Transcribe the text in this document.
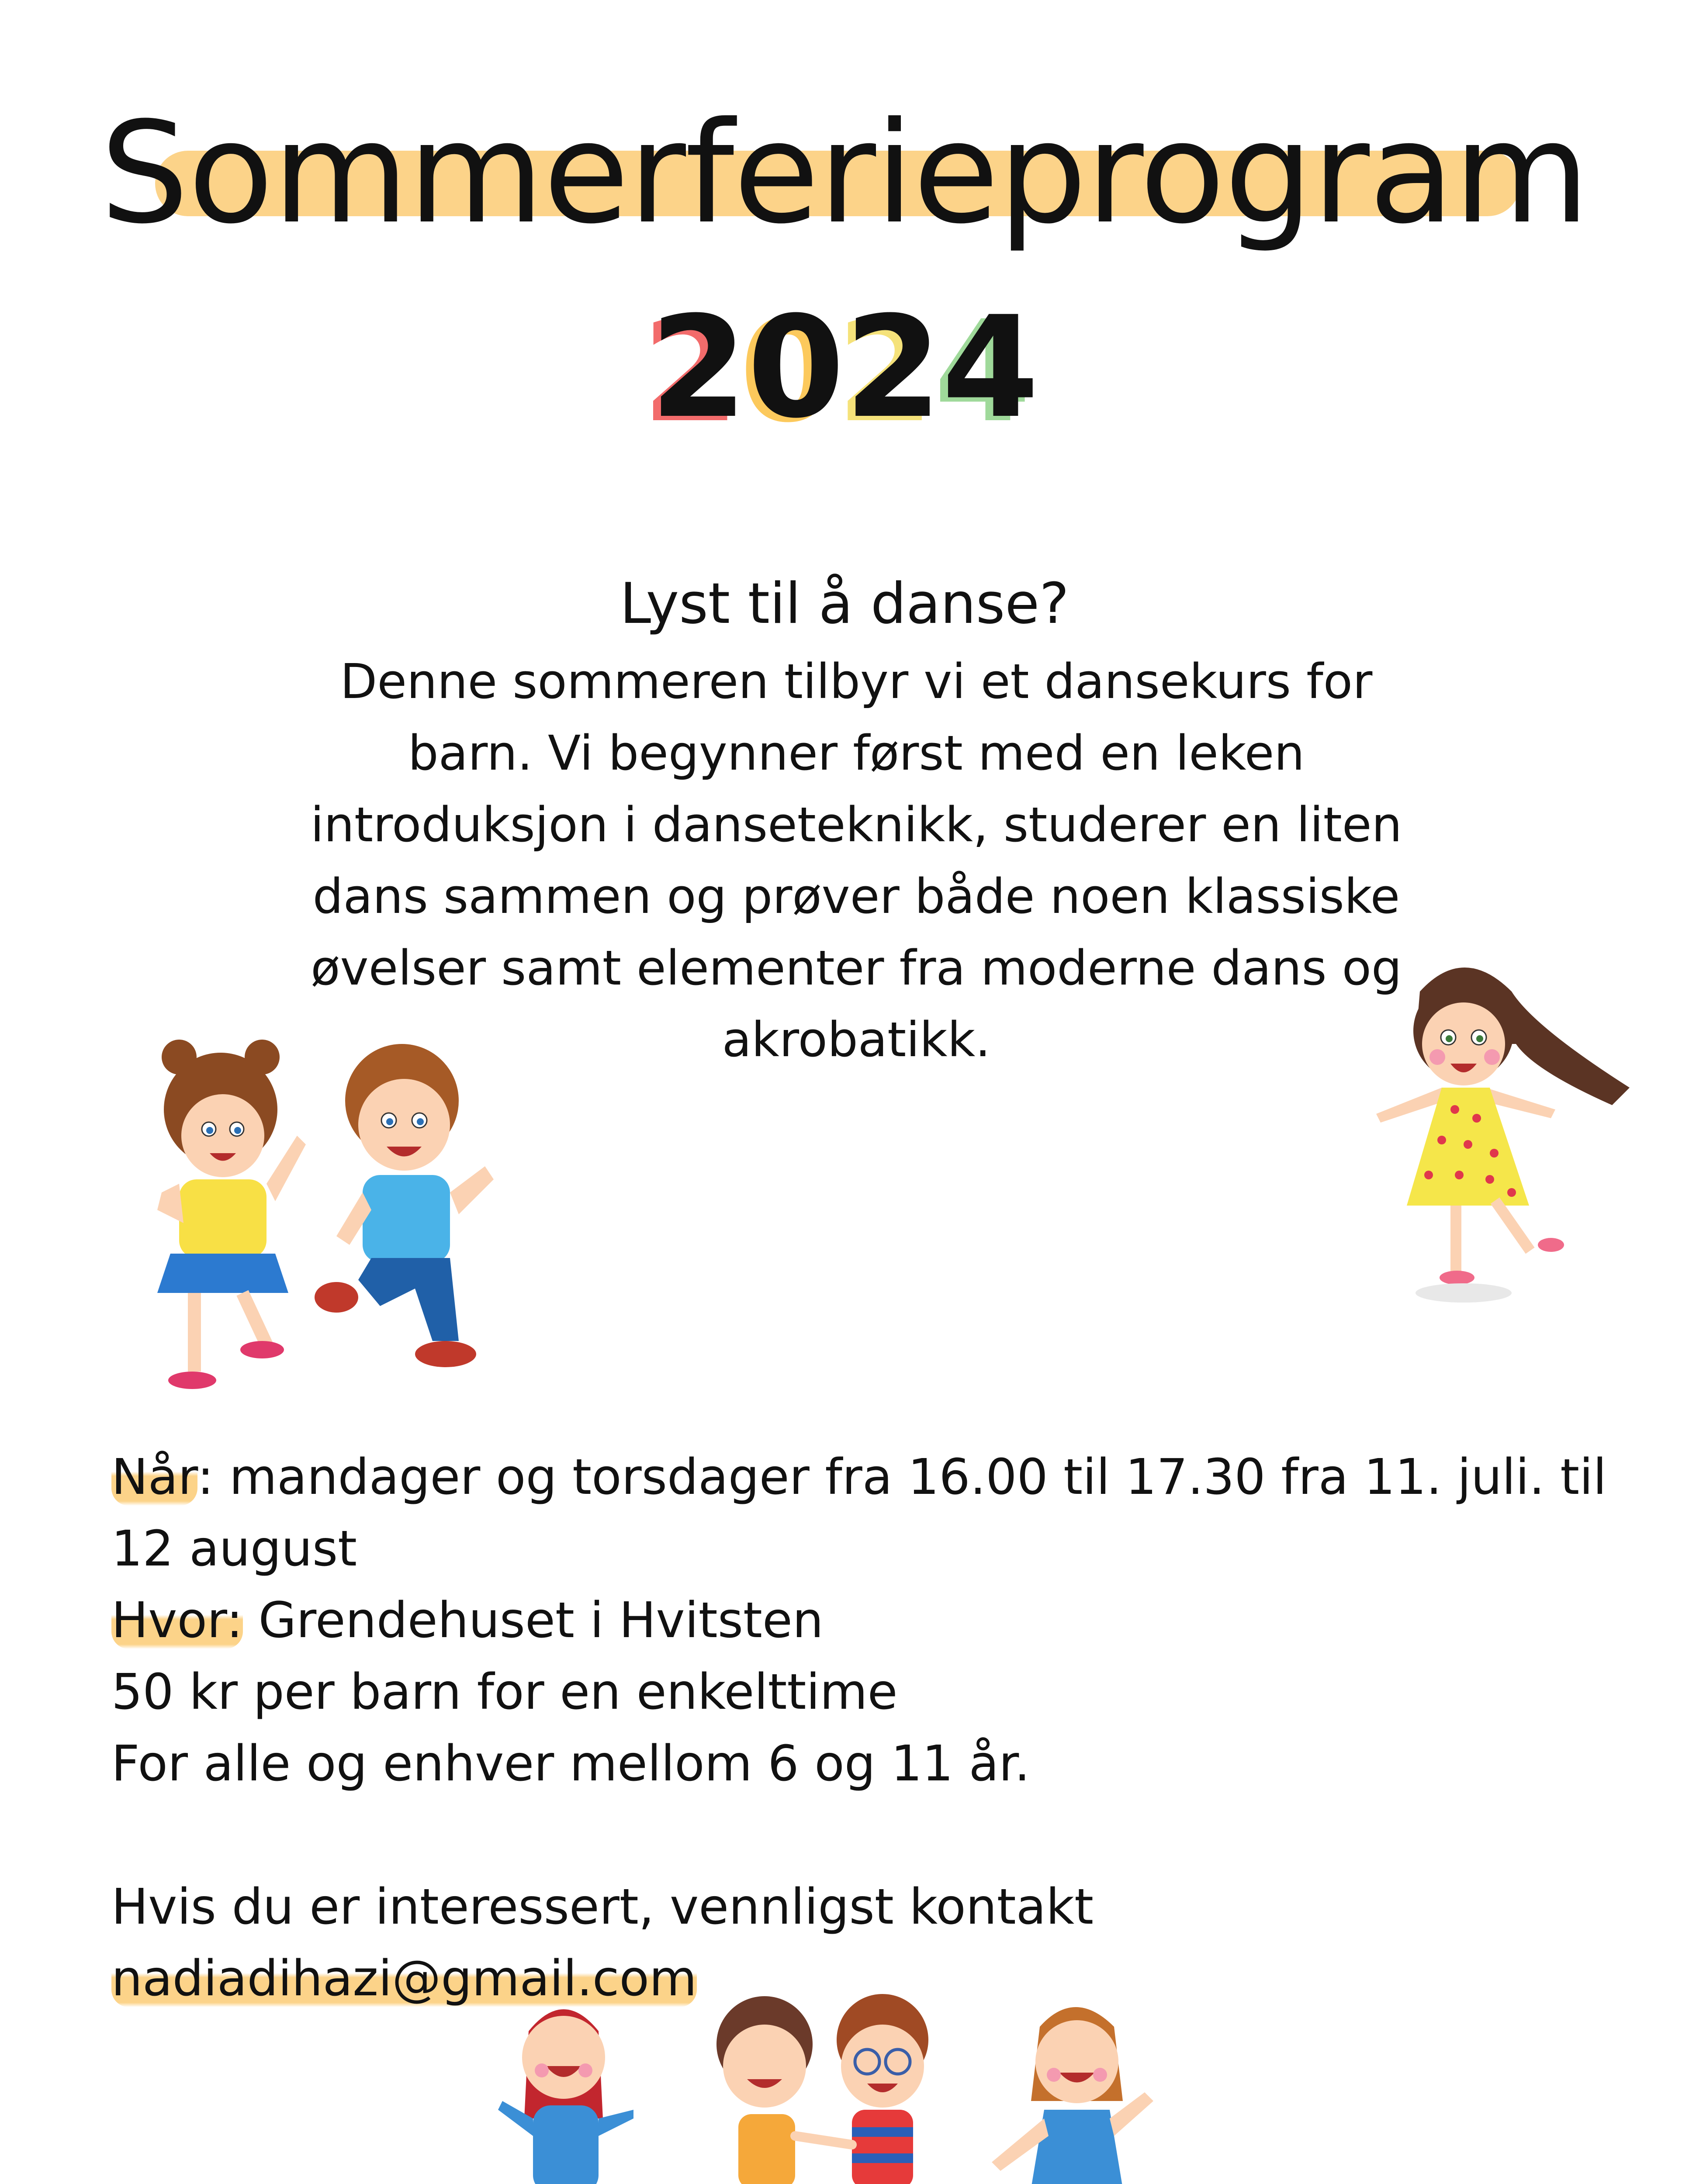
Sommerferieprogram
2024
Lyst til å danse?
Denne sommeren tilbyr vi et dansekurs for barn. Vi begynner først med en leken introduksjon i danseteknikk, studerer en liten dans sammen og prøver både noen klassiske øvelser samt elementer fra moderne dans og akrobatikk.
Når: mandager og torsdager fra 16.00 til 17.30 fra 11. juli. til 12 august
Hvor: Grendehuset i Hvitsten
50 kr per barn for en enkelttime
For alle og enhver mellom 6 og 11 år.
Hvis du er interessert, vennligst kontakt nadiadihazi@gmail.com
